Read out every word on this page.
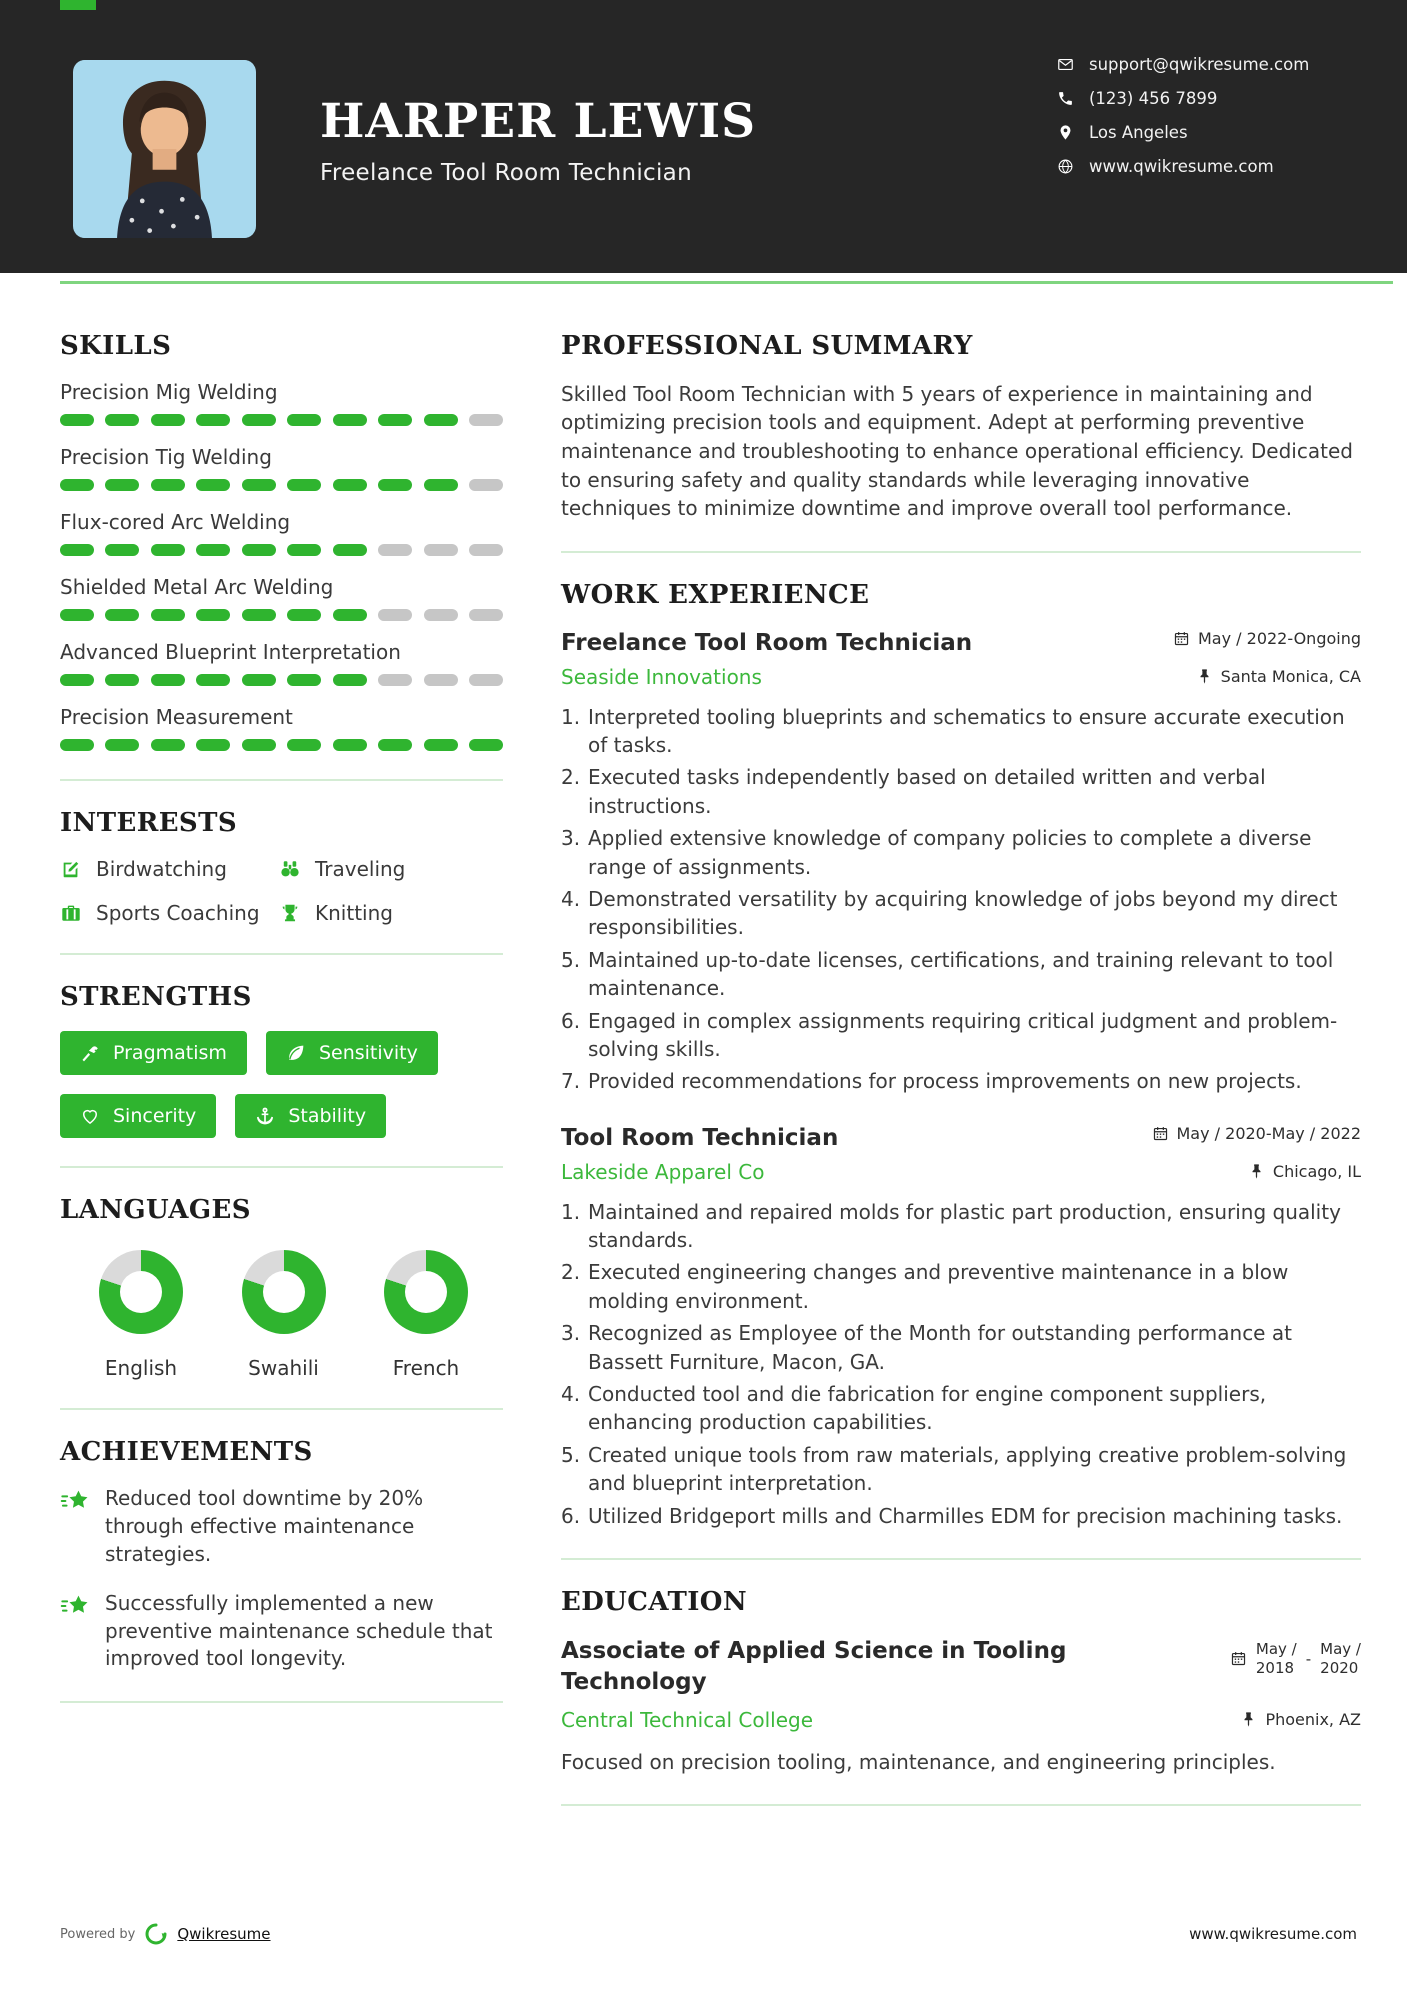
HARPER LEWIS
Freelance Tool Room Technician
support@qwikresume.com
(123) 456 7899
Los Angeles
www.qwikresume.com
SKILLS
Precision Mig Welding
Precision Tig Welding
Flux-cored Arc Welding
Shielded Metal Arc Welding
Advanced Blueprint Interpretation
Precision Measurement
INTERESTS
Birdwatching	Traveling
Sports Coaching	Knitting
STRENGTHS
Pragmatism	Sensitivity
Sincerity	Stability
LANGUAGES
English	Swahili	French
ACHIEVEMENTS
Reduced tool downtime by 20% through effective maintenance strategies.
Successfully implemented a new preventive maintenance schedule that improved tool longevity.
PROFESSIONAL SUMMARY

Skilled Tool Room Technician with 5 years of experience in maintaining and optimizing precision tools and equipment. Adept at performing preventive maintenance and troubleshooting to enhance operational efficiency. Dedicated to ensuring safety and quality standards while leveraging innovative techniques to minimize downtime and improve overall tool performance.

WORK EXPERIENCE
Freelance Tool Room Technician	May / 2022-Ongoing
Seaside Innovations	Santa Monica, CA
Interpreted tooling blueprints and schematics to ensure accurate execution of tasks.
Executed tasks independently based on detailed written and verbal instructions.
Applied extensive knowledge of company policies to complete a diverse range of assignments.
Demonstrated versatility by acquiring knowledge of jobs beyond my direct responsibilities.
Maintained up-to-date licenses, certifications, and training relevant to tool maintenance.
Engaged in complex assignments requiring critical judgment and problem-solving skills.
Provided recommendations for process improvements on new projects.
Tool Room Technician	May / 2020-May / 2022
Lakeside Apparel Co	Chicago, IL
Maintained and repaired molds for plastic part production, ensuring quality standards.
Executed engineering changes and preventive maintenance in a blow molding environment.
Recognized as Employee of the Month for outstanding performance at Bassett Furniture, Macon, GA.
Conducted tool and die fabrication for engine component suppliers, enhancing production capabilities.
Created unique tools from raw materials, applying creative problem-solving and blueprint interpretation.
Utilized Bridgeport mills and Charmilles EDM for precision machining tasks.
EDUCATION
Associate of Applied Science in Tooling Technology
May /
2018 -
May /
2020
Central Technical College	Phoenix, AZ
Focused on precision tooling, maintenance, and engineering principles.
Powered by	Qwikresume	www.qwikresume.com
